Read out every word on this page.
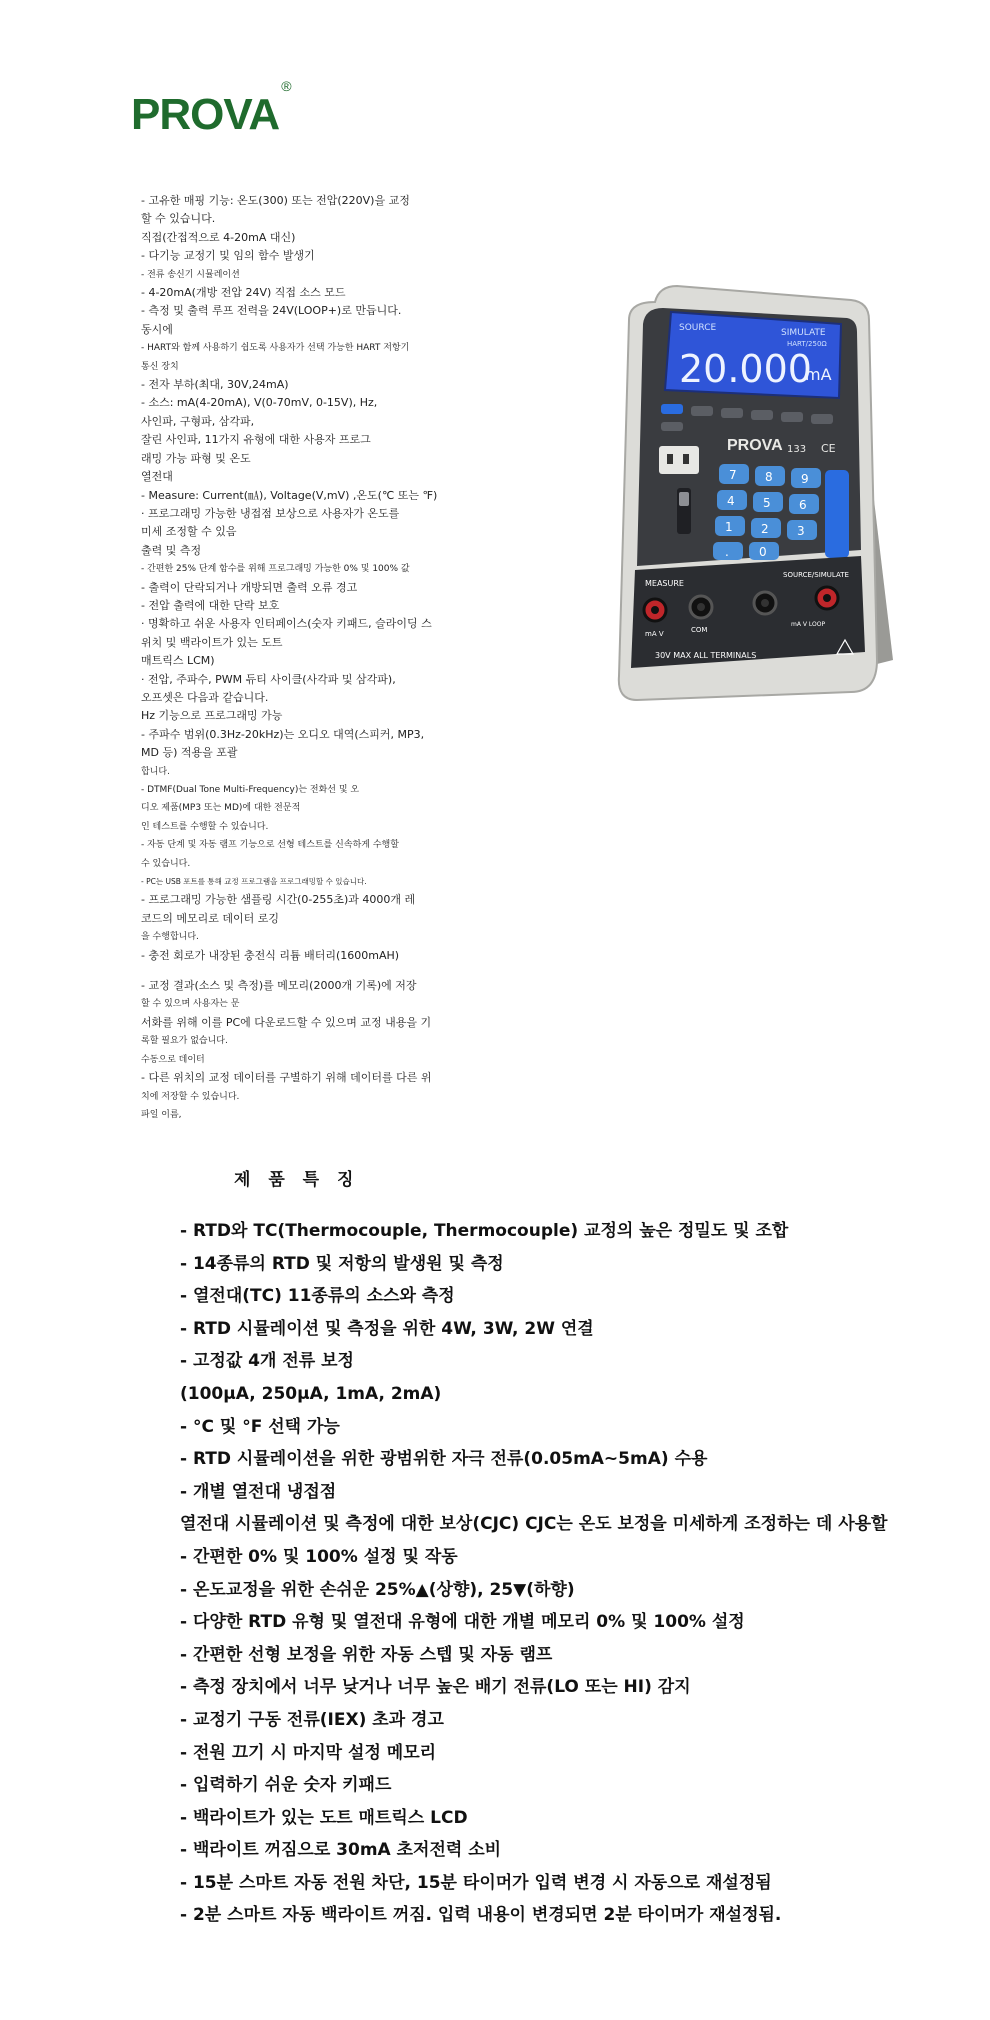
PROVA®
- 고유한 매핑 기능: 온도(300) 또는 전압(220V)을 교정
할 수 있습니다.
직접(간접적으로 4-20mA 대신)
- 다기능 교정기 및 임의 함수 발생기
- 전류 송신기 시뮬레이션
- 4-20mA(개방 전압 24V) 직접 소스 모드
- 측정 및 출력 루프 전력을 24V(LOOP+)로 만듭니다.
동시에
- HART와 함께 사용하기 쉽도록 사용자가 선택 가능한 HART 저항기
통신 장치
- 전자 부하(최대, 30V,24mA)
- 소스: mA(4-20mA), V(0-70mV, 0-15V), Hz,
사인파, 구형파, 삼각파,
잘린 사인파, 11가지 유형에 대한 사용자 프로그
래밍 가능 파형 및 온도
열전대
- Measure: Current(㎃), Voltage(V,mV) ,온도(℃ 또는 ℉)
· 프로그래밍 가능한 냉접점 보상으로 사용자가 온도를
미세 조정할 수 있음
출력 및 측정
- 간편한 25% 단계 함수를 위해 프로그래밍 가능한 0% 및 100% 값
- 출력이 단락되거나 개방되면 출력 오류 경고
- 전압 출력에 대한 단락 보호
· 명확하고 쉬운 사용자 인터페이스(숫자 키패드, 슬라이딩 스
위치 및 백라이트가 있는 도트
매트릭스 LCM)
· 전압, 주파수, PWM 듀티 사이클(사각파 및 삼각파),
오프셋은 다음과 같습니다.
Hz 기능으로 프로그래밍 가능
- 주파수 범위(0.3Hz-20kHz)는 오디오 대역(스피커, MP3,
MD 등) 적용을 포괄
합니다.
- DTMF(Dual Tone Multi-Frequency)는 전화선 및 오
디오 제품(MP3 또는 MD)에 대한 전문적
인 테스트를 수행할 수 있습니다.
- 자동 단계 및 자동 램프 기능으로 선형 테스트를 신속하게 수행할
수 있습니다.
- PC는 USB 포트를 통해 교정 프로그램을 프로그래밍할 수 있습니다.
- 프로그래밍 가능한 샘플링 시간(0-255초)과 4000개 레
코드의 메모리로 데이터 로깅
을 수행합니다.
- 충전 회로가 내장된 충전식 리튬 배터리(1600mAH)
- 교정 결과(소스 및 측정)를 메모리(2000개 기록)에 저장
할 수 있으며 사용자는 문
서화를 위해 이를 PC에 다운로드할 수 있으며 교정 내용을 기
록할 필요가 없습니다.
수동으로 데이터
- 다른 위치의 교정 데이터를 구별하기 위해 데이터를 다른 위
치에 저장할 수 있습니다.
파일 이름,
SOURCE	SIMULATE
HART/250Ω
20.000
mA
PROVA 133 CE
7 8 9
4 5 6
1 2 3
0
.
MEASURE
SOURCE/SIMULATE
mA V	COM
mA V LOOP
30V MAX ALL TERMINALS
제 품 특 징
- RTD와 TC(Thermocouple, Thermocouple) 교정의 높은 정밀도 및 조합
- 14종류의 RTD 및 저항의 발생원 및 측정
- 열전대(TC) 11종류의 소스와 측정
- RTD 시뮬레이션 및 측정을 위한 4W, 3W, 2W 연결
- 고정값 4개 전류 보정
(100μA, 250μA, 1mA, 2mA)
- °C 및 °F 선택 가능
- RTD 시뮬레이션을 위한 광범위한 자극 전류(0.05mA~5mA) 수용
- 개별 열전대 냉접점
열전대 시뮬레이션 및 측정에 대한 보상(CJC) CJC는 온도 보정을 미세하게 조정하는 데 사용할
- 간편한 0% 및 100% 설정 및 작동
- 온도교정을 위한 손쉬운 25%▲(상향), 25▼(하향)
- 다양한 RTD 유형 및 열전대 유형에 대한 개별 메모리 0% 및 100% 설정
- 간편한 선형 보정을 위한 자동 스텝 및 자동 램프
- 측정 장치에서 너무 낮거나 너무 높은 배기 전류(LO 또는 HI) 감지
- 교정기 구동 전류(IEX) 초과 경고
- 전원 끄기 시 마지막 설정 메모리
- 입력하기 쉬운 숫자 키패드
- 백라이트가 있는 도트 매트릭스 LCD
- 백라이트 꺼짐으로 30mA 초저전력 소비
- 15분 스마트 자동 전원 차단, 15분 타이머가 입력 변경 시 자동으로 재설정됨
- 2분 스마트 자동 백라이트 꺼짐. 입력 내용이 변경되면 2분 타이머가 재설정됨.
